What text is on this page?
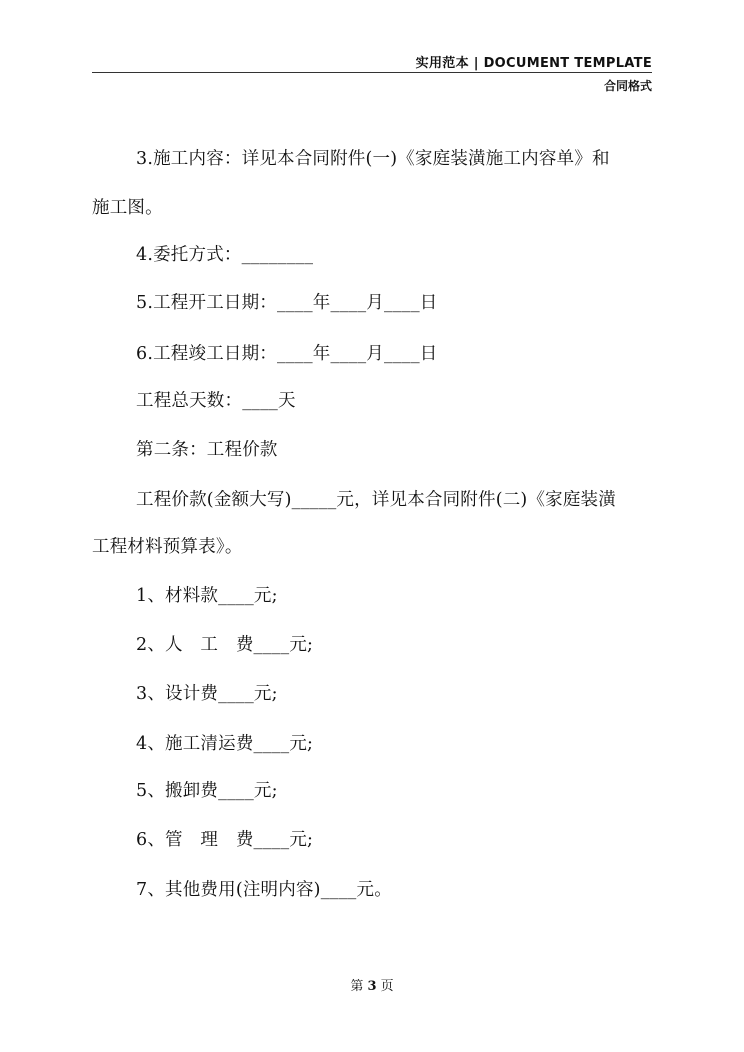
实用范本 | DOCUMENT TEMPLATE
合同格式
3.施工内容：详见本合同附件(一)《家庭装潢施工内容单》和
施工图。
4.委托方式：________
5.工程开工日期：____年____月____日
6.工程竣工日期：____年____月____日
工程总天数：____天
第二条：工程价款
工程价款(金额大写)_____元，详见本合同附件(二)《家庭装潢
工程材料预算表》。
1、材料款____元;
2、人　工　费____元;
3、设计费____元;
4、施工清运费____元;
5、搬卸费____元;
6、管　理　费____元;
7、其他费用(注明内容)____元。
第 3 页
